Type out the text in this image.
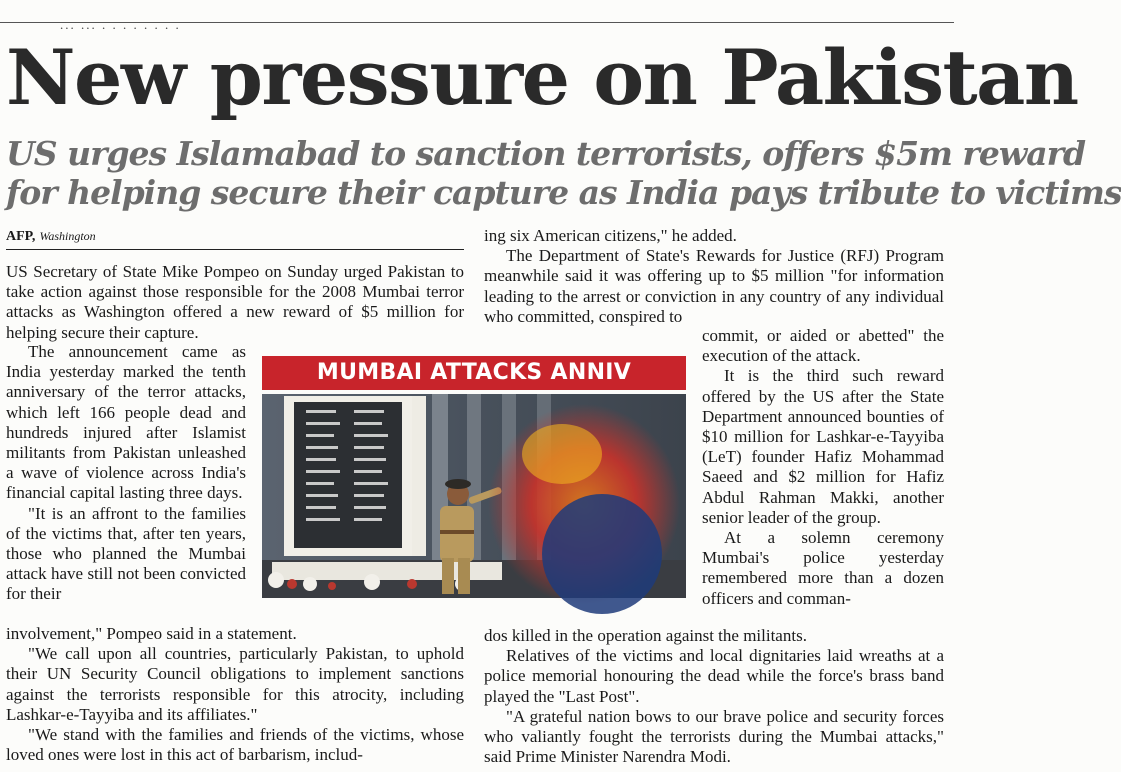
... ... . . . . . . . .
New pressure on Pakistan
US urges Islamabad to sanction terrorists, offers $5m reward
for helping secure their capture as India pays tribute to victims
AFP, Washington

US Secretary of State Mike Pompeo on Sunday urged Pakistan to take action against those responsible for the 2008 Mumbai terror attacks as Washington offered a new reward of $5 million for helping secure their capture.

The announcement came as India yesterday marked the tenth anniversary of the terror attacks, which left 166 people dead and hundreds injured after Islamist militants from Pakistan unleashed a wave of violence across India's financial capital lasting three days.

"It is an affront to the families of the victims that, after ten years, those who planned the Mumbai attack have still not been convicted for their

involvement," Pompeo said in a statement.

"We call upon all countries, particularly Pakistan, to uphold their UN Security Council obligations to implement sanctions against the terrorists responsible for this atrocity, including Lashkar-e-Tayyiba and its affiliates."

"We stand with the families and friends of the victims, whose loved ones were lost in this act of barbarism, includ-

ing six American citizens," he added.

The Department of State's Rewards for Justice (RFJ) Program meanwhile said it was offering up to $5 million "for information leading to the arrest or conviction in any country of any individual who committed, conspired to

commit, or aided or abetted" the execution of the attack.

It is the third such reward offered by the US after the State Department announced bounties of $10 million for Lashkar-e-Tayyiba (LeT) founder Hafiz Mohammad Saeed and $2 million for Hafiz Abdul Rahman Makki, another senior leader of the group.

At a solemn ceremony Mumbai's police yesterday remembered more than a dozen officers and comman-

dos killed in the operation against the militants.

Relatives of the victims and local dignitaries laid wreaths at a police memorial honouring the dead while the force's brass band played the "Last Post".

"A grateful nation bows to our brave police and security forces who valiantly fought the terrorists during the Mumbai attacks," said Prime Minister Narendra Modi.

MUMBAI ATTACKS ANNIV
